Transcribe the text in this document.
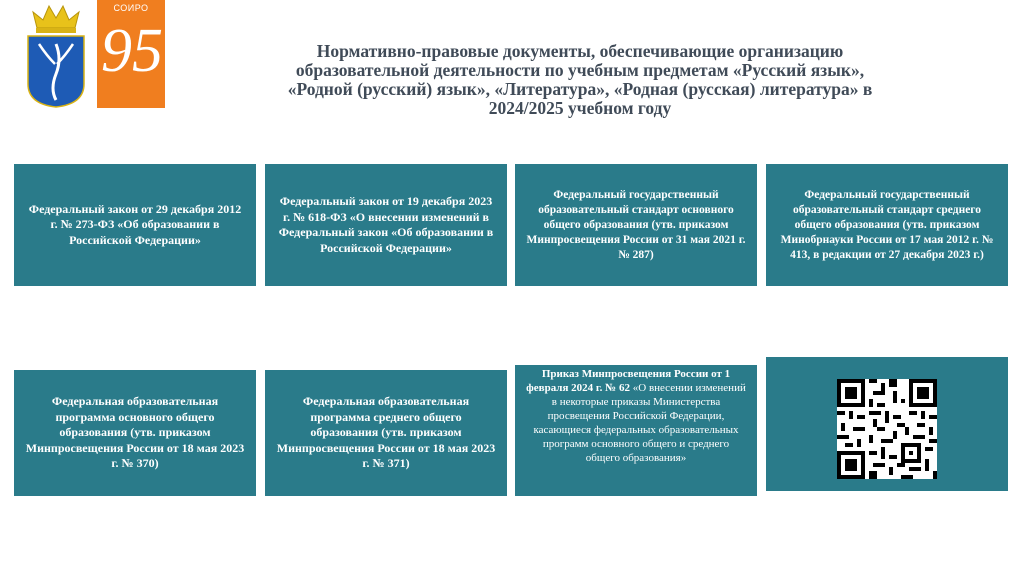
СОИРО
95	Нормативно-правовые документы, обеспечивающие организацию
образовательной деятельности по учебным предметам «Русский язык»,
«Родной (русский) язык», «Литература», «Родная (русская) литература» в
2024/2025 учебном году
Федеральный закон от 29 декабря 2012 г. № 273-ФЗ «Об образовании в Российской Федерации»
Федеральный закон от 19 декабря 2023 г. № 618-ФЗ «О внесении изменений в Федеральный закон «Об образовании в Российской Федерации»
Федеральный государственный образовательный стандарт основного общего образования (утв. приказом Минпросвещения России от 31 мая 2021 г. № 287)
Федеральный государственный образовательный стандарт среднего общего образования (утв. приказом Минобрнауки России от 17 мая 2012 г. № 413, в редакции от 27 декабря 2023 г.)
Федеральная образовательная программа основного общего образования (утв. приказом Минпросвещения России от 18 мая 2023 г. № 370)
Федеральная образовательная программа среднего общего образования (утв. приказом Минпросвещения России от 18 мая 2023 г. № 371)
Приказ Минпросвещения России от 1 февраля 2024 г. № 62 «О внесении изменений в некоторые приказы Министерства просвещения Российской Федерации, касающиеся федеральных образовательных программ основного общего и среднего общего образования»
